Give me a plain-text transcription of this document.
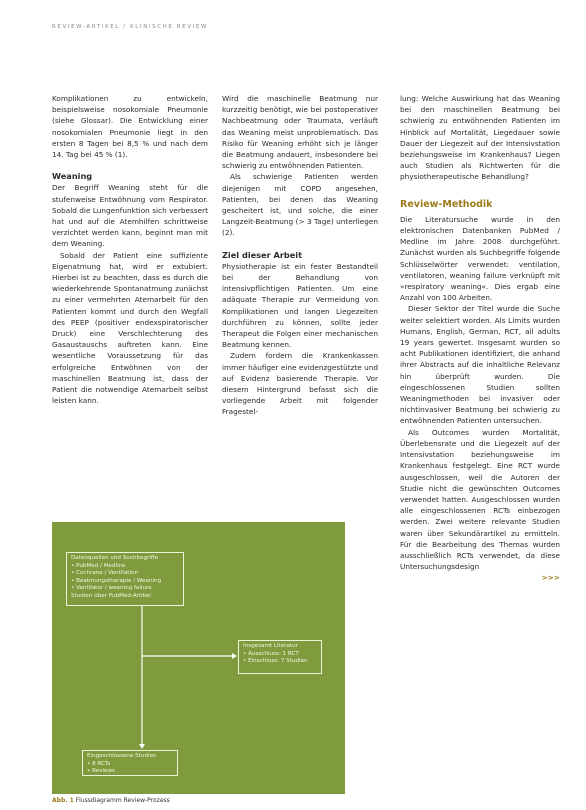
REVIEW-ARTIKEL / KLINISCHE REVIEW

Komplikationen zu entwickeln, beispielsweise nosokomiale Pneumonie (siehe Glossar). Die Entwicklung einer nosokomialen Pneumonie liegt in den ersten 8 Tagen bei 8,5 % und nach dem 14. Tag bei 45 % (1).

Weaning

Der Begriff Weaning steht für die stufenweise Entwöhnung vom Respirator. Sobald die Lungenfunktion sich verbessert hat und auf die Atemhilfen schrittweise verzichtet werden kann, beginnt man mit dem Weaning.

Sobald der Patient eine suffiziente Eigenatmung hat, wird er extubiert. Hierbei ist zu beachten, dass es durch die wiederkehrende Spontanatmung zunächst zu einer vermehrten Atemarbeit für den Patienten kommt und durch den Wegfall des PEEP (positiver endexspiratorischer Druck) eine Verschlechterung des Gasaustauschs auftreten kann. Eine wesentliche Voraussetzung für das erfolgreiche Entwöhnen von der maschinellen Beatmung ist, dass der Patient die notwendige Atemarbeit selbst leisten kann.

Wird die maschinelle Beatmung nur kurzzeitig benötigt, wie bei postoperativer Nachbeatmung oder Traumata, verläuft das Weaning meist unproblematisch. Das Risiko für Weaning erhöht sich je länger die Beatmung andauert, insbesondere bei schwierig zu entwöhnenden Patienten.

Als schwierige Patienten werden diejenigen mit COPD angesehen, Patienten, bei denen das Weaning gescheitert ist, und solche, die einer Langzeit-Beatmung (> 3 Tage) unterliegen (2).

Ziel dieser Arbeit

Physiotherapie ist ein fester Bestandteil bei der Behandlung von intensivpflichtigen Patienten. Um eine adäquate Therapie zur Vermeidung von Komplikationen und langen Liegezeiten durchführen zu können, sollte jeder Therapeut die Folgen einer mechanischen Beatmung kennen.

Zudem fordern die Krankenkassen immer häufiger eine evidenzgestützte und auf Evidenz basierende Therapie. Vor diesem Hintergrund befasst sich die vorliegende Arbeit mit folgender Fragestel-

lung: Welche Auswirkung hat das Weaning bei den maschinellen Beatmung bei schwierig zu entwöhnenden Patienten im Hinblick auf Mortalität, Liegedauer sowie Dauer der Liegezeit auf der Intensivstation beziehungsweise im Krankenhaus? Liegen auch Studien als Richtwerten für die physiotherapeutische Behandlung?

Review-Methodik

Die Literatursuche wurde in den elektronischen Datenbanken PubMed / Medline im Jahre 2008 durchgeführt. Zunächst wurden als Suchbegriffe folgende Schlüsselwörter verwendet: ventilation, ventilatoren, weaning failure verknüpft mit »respiratory weaning«. Dies ergab eine Anzahl von 100 Arbeiten.

Dieser Sektor der Titel wurde die Suche weiter selektiert worden. Als Limits wurden Humans, English, German, RCT, all adults 19 years gewertet. Insgesamt wurden so acht Publikationen identifiziert, die anhand ihrer Abstracts auf die inhaltliche Relevanz hin überprüft wurden. Die eingeschlossenen Studien sollten Weaningmethoden bei invasiver oder nichtinvasiver Beatmung bei schwierig zu entwöhnenden Patienten untersuchen.

Als Outcomes wurden Mortalität, Überlebensrate und die Liegezeit auf der Intensivstation beziehungsweise im Krankenhaus festgelegt. Eine RCT wurde ausgeschlossen, weil die Autoren der Studie nicht die gewünschten Outcomes verwendet hatten. Ausgeschlossen wurden alle eingeschlossenen RCTs einbezogen werden. Zwei weitere relevante Studien waren über Sekundärartikel zu ermitteln. Für die Bearbeitung des Themas wurden ausschließlich RCTs verwendet, da diese Untersuchungsdesign

>>>
Datenquellen und Suchbegriffe
• PubMed / Medline
• Cochrane / Ventilation
• Beatmungstherapie / Weaning
• Ventilator / weaning failure
Studien über PubMed-Artikel
Insgesamt Literatur
• Ausschluss: 1 RCT
• Einschluss: 7 Studien
Eingeschlossene Studien
• 8 RCTs
• Reviews
Abb. 1 Flussdiagramm Review-Prozess
